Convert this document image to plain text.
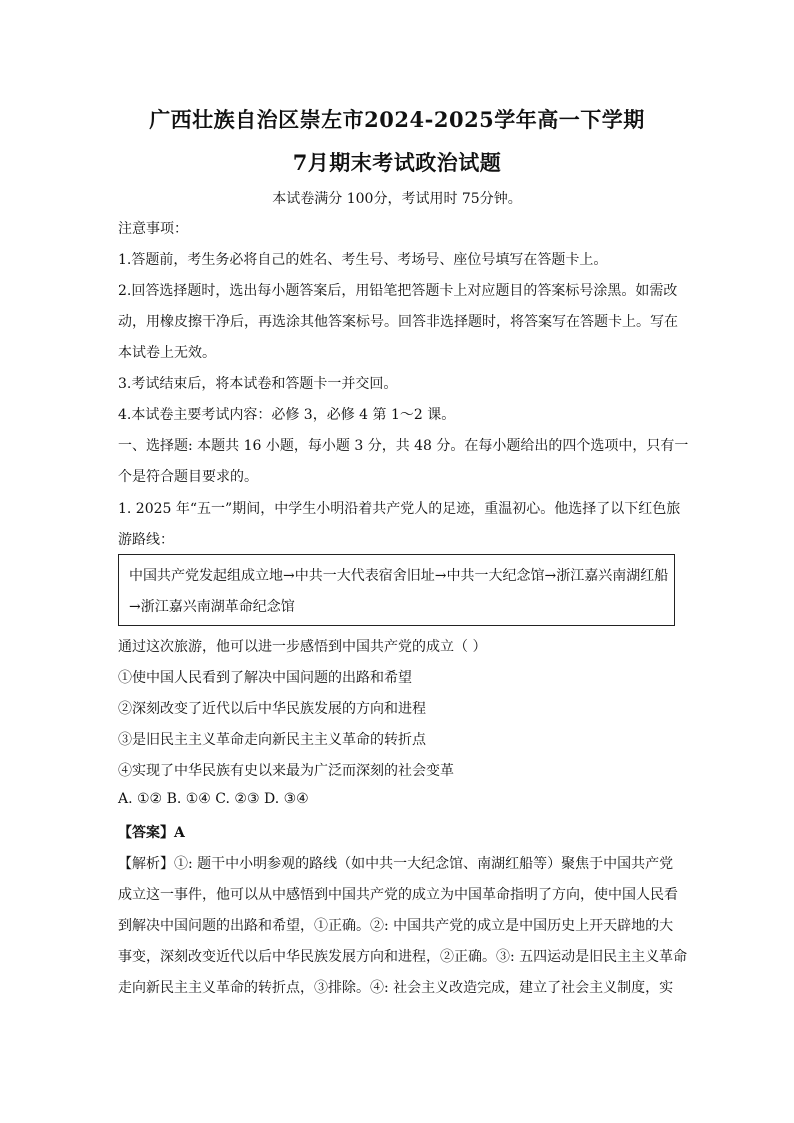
广西壮族自治区崇左市2024-2025学年高一下学期
7月期末考试政治试题
本试卷满分 100分，考试用时 75分钟。
注意事项：
1.答题前，考生务必将自己的姓名、考生号、考场号、座位号填写在答题卡上。
2.回答选择题时，选出每小题答案后，用铅笔把答题卡上对应题目的答案标号涂黑。如需改
动，用橡皮擦干净后，再选涂其他答案标号。回答非选择题时，将答案写在答题卡上。写在
本试卷上无效。
3.考试结束后，将本试卷和答题卡一并交回。
4.本试卷主要考试内容：必修 3，必修 4 第 1～2 课。
一、选择题: 本题共 16 小题，每小题 3 分，共 48 分。在每小题给出的四个选项中，只有一
个是符合题目要求的。
1. 2025 年“五一”期间，中学生小明沿着共产党人的足迹，重温初心。他选择了以下红色旅
游路线：
中国共产党发起组成立地→中共一大代表宿舍旧址→中共一大纪念馆→浙江嘉兴南湖红船
→浙江嘉兴南湖革命纪念馆
通过这次旅游，他可以进一步感悟到中国共产党的成立（ ）
①使中国人民看到了解决中国问题的出路和希望
②深刻改变了近代以后中华民族发展的方向和进程
③是旧民主主义革命走向新民主主义革命的转折点
④实现了中华民族有史以来最为广泛而深刻的社会变革
A. ①② B. ①④ C. ②③ D. ③④
【答案】A
【解析】①: 题干中小明参观的路线（如中共一大纪念馆、南湖红船等）聚焦于中国共产党
成立这一事件，他可以从中感悟到中国共产党的成立为中国革命指明了方向，使中国人民看
到解决中国问题的出路和希望，①正确。②: 中国共产党的成立是中国历史上开天辟地的大
事变，深刻改变近代以后中华民族发展方向和进程，②正确。③: 五四运动是旧民主主义革命
走向新民主主义革命的转折点，③排除。④: 社会主义改造完成，建立了社会主义制度，实
